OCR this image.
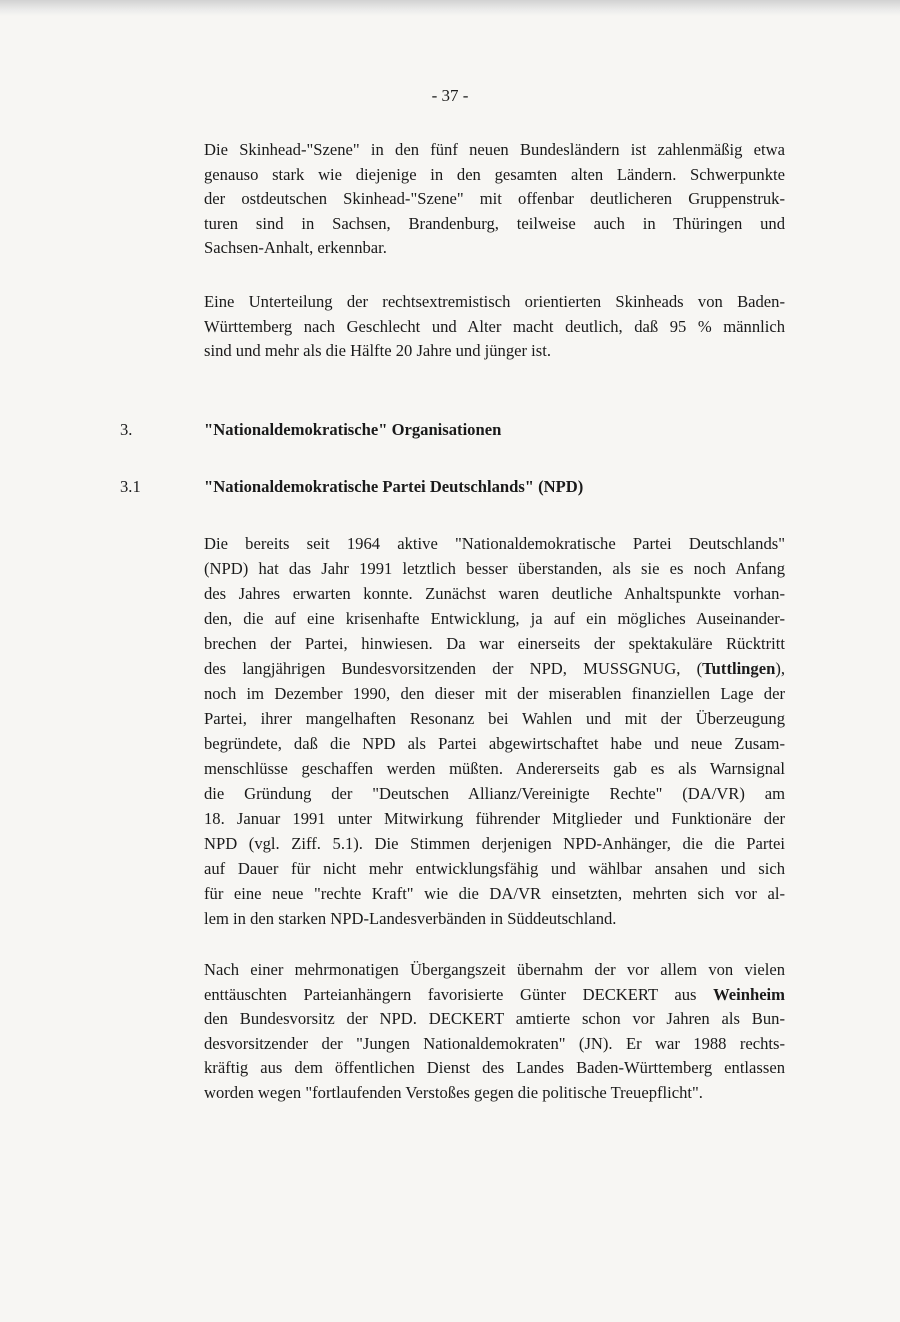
- 37 -
Die Skinhead-"Szene" in den fünf neuen Bundesländern ist zahlenmäßig etwa
genauso stark wie diejenige in den gesamten alten Ländern. Schwerpunkte
der ostdeutschen Skinhead-"Szene" mit offenbar deutlicheren Gruppenstruk-
turen sind in Sachsen, Brandenburg, teilweise auch in Thüringen und
Sachsen-Anhalt, erkennbar.
Eine Unterteilung der rechtsextremistisch orientierten Skinheads von Baden-
Württemberg nach Geschlecht und Alter macht deutlich, daß 95 % männlich
sind und mehr als die Hälfte 20 Jahre und jünger ist.
3.	"Nationaldemokratische" Organisationen
3.1	"Nationaldemokratische Partei Deutschlands" (NPD)
Die bereits seit 1964 aktive "Nationaldemokratische Partei Deutschlands"
(NPD) hat das Jahr 1991 letztlich besser überstanden, als sie es noch Anfang
des Jahres erwarten konnte. Zunächst waren deutliche Anhaltspunkte vorhan-
den, die auf eine krisenhafte Entwicklung, ja auf ein mögliches Auseinander-
brechen der Partei, hinwiesen. Da war einerseits der spektakuläre Rücktritt
des langjährigen Bundesvorsitzenden der NPD, MUSSGNUG, (Tuttlingen),
noch im Dezember 1990, den dieser mit der miserablen finanziellen Lage der
Partei, ihrer mangelhaften Resonanz bei Wahlen und mit der Überzeugung
begründete, daß die NPD als Partei abgewirtschaftet habe und neue Zusam-
menschlüsse geschaffen werden müßten. Andererseits gab es als Warnsignal
die Gründung der "Deutschen Allianz/Vereinigte Rechte" (DA/VR) am
18. Januar 1991 unter Mitwirkung führender Mitglieder und Funktionäre der
NPD (vgl. Ziff. 5.1). Die Stimmen derjenigen NPD-Anhänger, die die Partei
auf Dauer für nicht mehr entwicklungsfähig und wählbar ansahen und sich
für eine neue "rechte Kraft" wie die DA/VR einsetzten, mehrten sich vor al-
lem in den starken NPD-Landesverbänden in Süddeutschland.
Nach einer mehrmonatigen Übergangszeit übernahm der vor allem von vielen
enttäuschten Parteianhängern favorisierte Günter DECKERT aus Weinheim
den Bundesvorsitz der NPD. DECKERT amtierte schon vor Jahren als Bun-
desvorsitzender der "Jungen Nationaldemokraten" (JN). Er war 1988 rechts-
kräftig aus dem öffentlichen Dienst des Landes Baden-Württemberg entlassen
worden wegen "fortlaufenden Verstoßes gegen die politische Treuepflicht".
